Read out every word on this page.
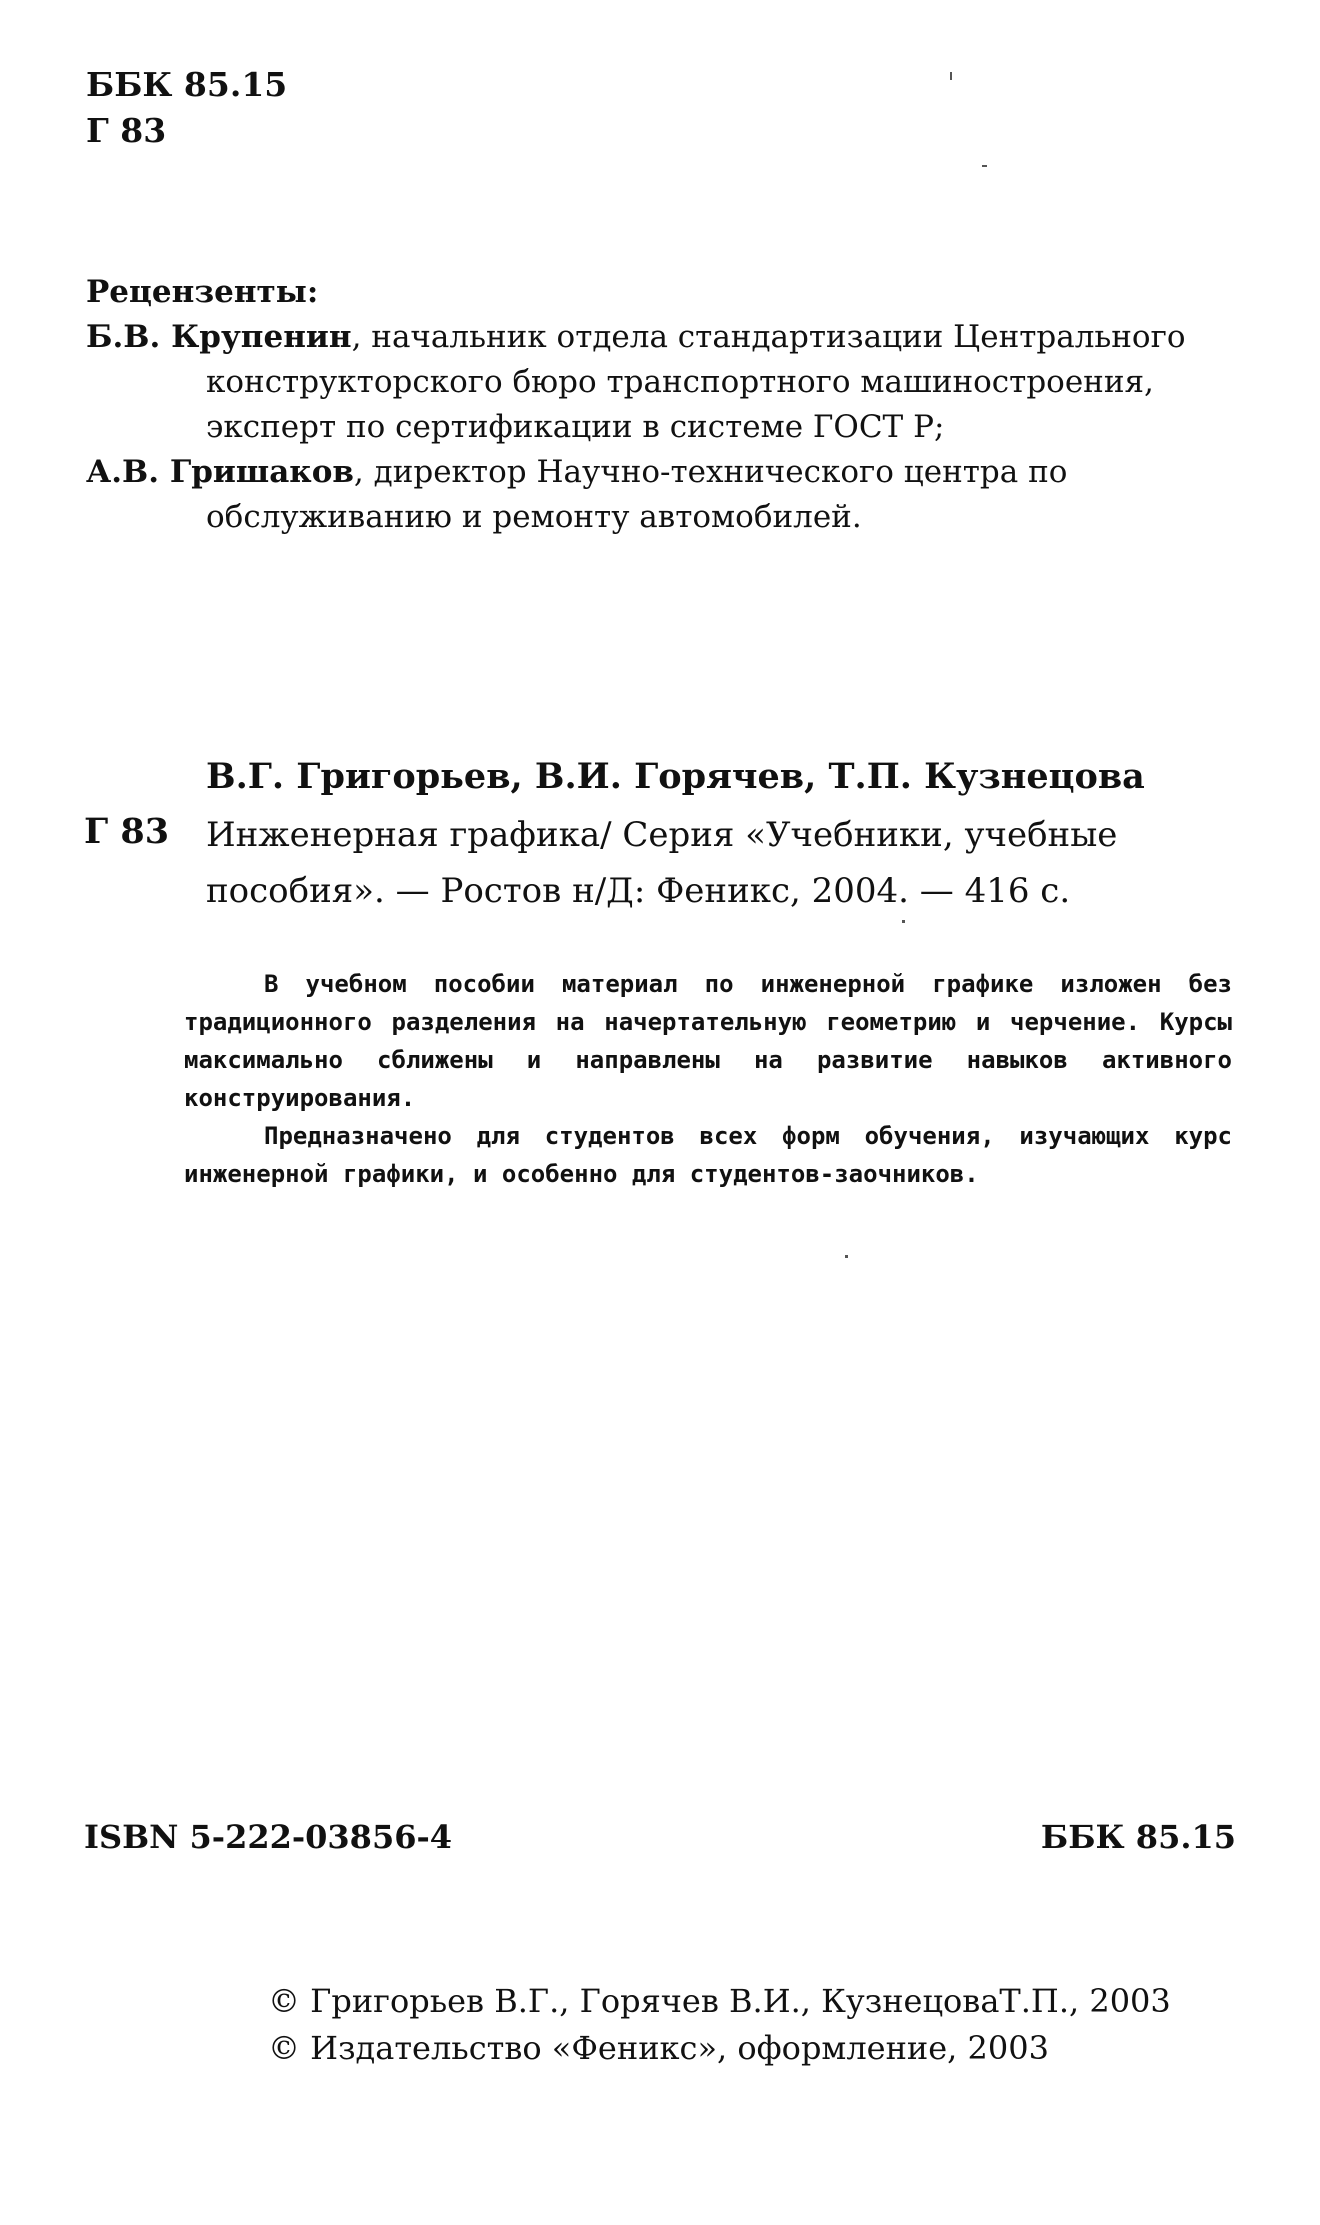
ББК 85.15
Г 83
Рецензенты:
Б.В. Крупенин, начальник отдела стандартизации Центрального конструкторского бюро транспортного машиностроения, эксперт по сертификации в системе ГОСТ Р;
А.В. Гришаков, директор Научно-технического центра по обслуживанию и ремонту автомобилей.
В.Г. Григорьев, В.И. Горячев, Т.П. Кузнецова
Г 83 Инженерная графика/ Серия «Учебники, учебные пособия». — Ростов н/Д: Феникс, 2004. — 416 с.

В учебном пособии материал по инженерной графике изложен без традиционного разделения на начертательную геометрию и черчение. Курсы максимально сближены и направлены на развитие навыков активного конструирования.

Предназначено для студентов всех форм обучения, изучающих курс инженерной графики, и особенно для студентов-заочников.

ISBN 5-222-03856-4	ББК 85.15
© Григорьев В.Г., Горячев В.И., КузнецоваТ.П., 2003
© Издательство «Феникс», оформление, 2003
